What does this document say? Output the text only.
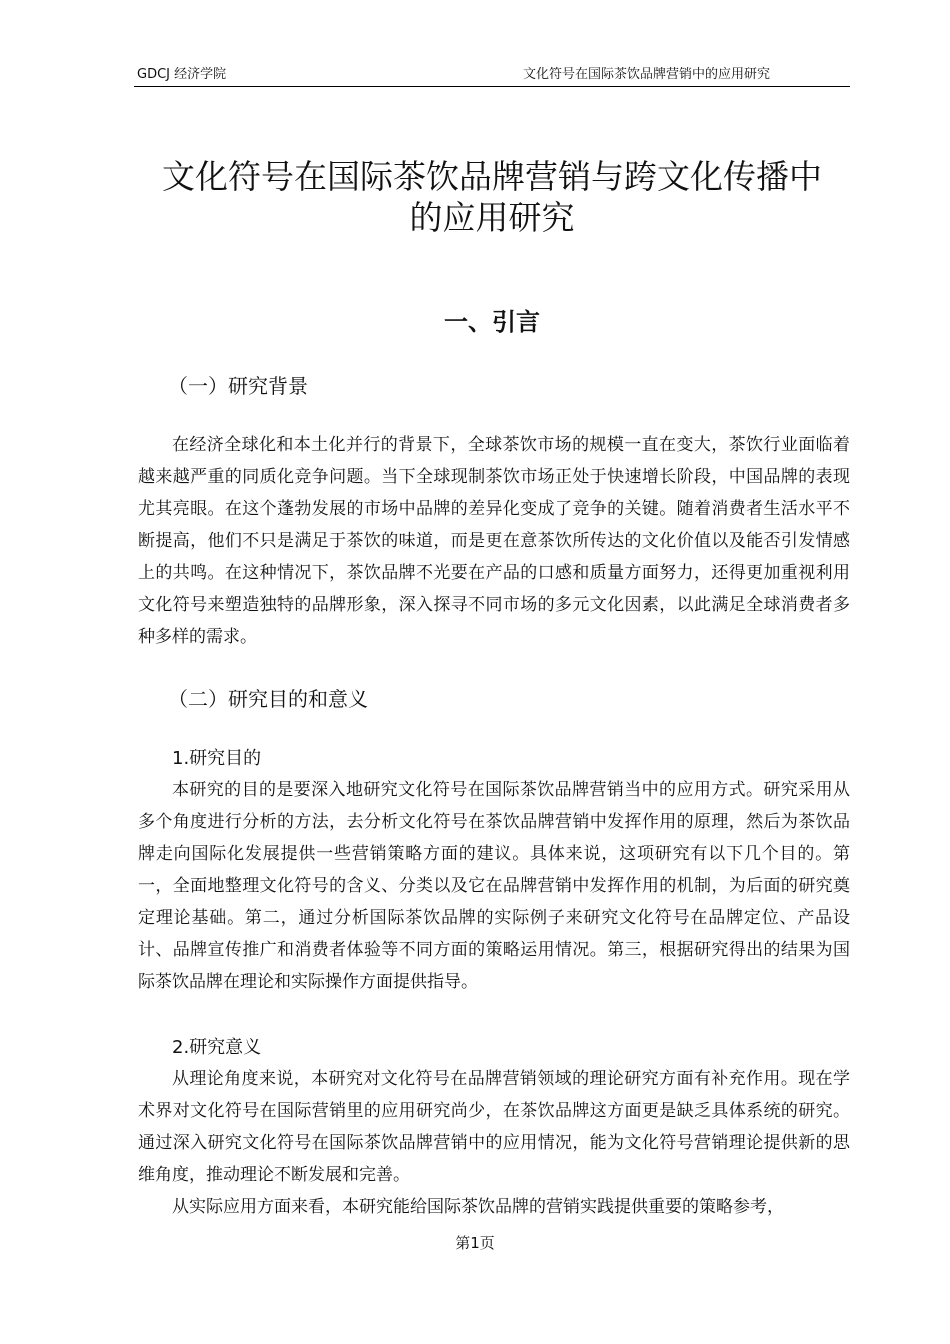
GDCJ 经济学院	文化符号在国际茶饮品牌营销中的应用研究
文化符号在国际茶饮品牌营销与跨文化传播中
的应用研究
一、引言
（一）研究背景

在经济全球化和本土化并行的背景下，全球茶饮市场的规模一直在变大，茶饮行业面临着越来越严重的同质化竞争问题。当下全球现制茶饮市场正处于快速增长阶段，中国品牌的表现尤其亮眼。在这个蓬勃发展的市场中品牌的差异化变成了竞争的关键。随着消费者生活水平不断提高，他们不只是满足于茶饮的味道，而是更在意茶饮所传达的文化价值以及能否引发情感上的共鸣。在这种情况下，茶饮品牌不光要在产品的口感和质量方面努力，还得更加重视利用文化符号来塑造独特的品牌形象，深入探寻不同市场的多元文化因素，以此满足全球消费者多种多样的需求。

（二）研究目的和意义
1.研究目的

本研究的目的是要深入地研究文化符号在国际茶饮品牌营销当中的应用方式。研究采用从多个角度进行分析的方法，去分析文化符号在茶饮品牌营销中发挥作用的原理，然后为茶饮品牌走向国际化发展提供一些营销策略方面的建议。具体来说，这项研究有以下几个目的。第一，全面地整理文化符号的含义、分类以及它在品牌营销中发挥作用的机制，为后面的研究奠定理论基础。第二，通过分析国际茶饮品牌的实际例子来研究文化符号在品牌定位、产品设计、品牌宣传推广和消费者体验等不同方面的策略运用情况。第三，根据研究得出的结果为国际茶饮品牌在理论和实际操作方面提供指导。

2.研究意义

从理论角度来说，本研究对文化符号在品牌营销领域的理论研究方面有补充作用。现在学术界对文化符号在国际营销里的应用研究尚少，在茶饮品牌这方面更是缺乏具体系统的研究。通过深入研究文化符号在国际茶饮品牌营销中的应用情况，能为文化符号营销理论提供新的思维角度，推动理论不断发展和完善。

从实际应用方面来看，本研究能给国际茶饮品牌的营销实践提供重要的策略参考，

第1页
